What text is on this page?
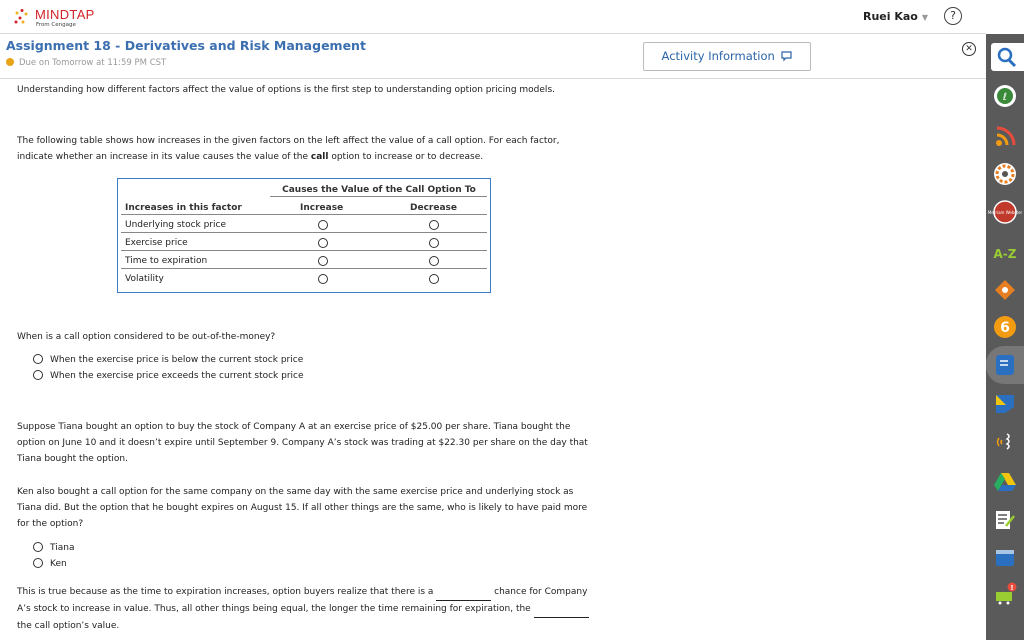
MINDTAP
From Cengage
Ruei Kao ▼	?
Assignment 18 - Derivatives and Risk Management
Due on Tomorrow at 11:59 PM CST	Activity Information	✕
Understanding how different factors affect the value of options is the first step to understanding option pricing models.
The following table shows how increases in the given factors on the left affect the value of a call option. For each factor, indicate whether an increase in its value causes the value of the call option to increase or to decrease.
Causes the Value of the Call Option To
Increases in this factor	Increase	Decrease
Underlying stock price
Exercise price
Time to expiration
Volatility
When is a call option considered to be out-of-the-money?
When the exercise price is below the current stock price
When the exercise price exceeds the current stock price
Suppose Tiana bought an option to buy the stock of Company A at an exercise price of $25.00 per share. Tiana bought the option on June 10 and it doesn’t expire until September 9. Company A’s stock was trading at $22.30 per share on the day that Tiana bought the option.
Ken also bought a call option for the same company on the same day with the same exercise price and underlying stock as Tiana did. But the option that he bought expires on August 15. If all other things are the same, who is likely to have paid more for the option?
Tiana
Ken
This is true because as the time to expiration increases, option buyers realize that there is a	chance for Company A’s stock to increase in value. Thus, all other things being equal, the longer the time remaining for expiration, the   the call option’s value.
ℓ
Merriam Webster
A-Z
6
!
